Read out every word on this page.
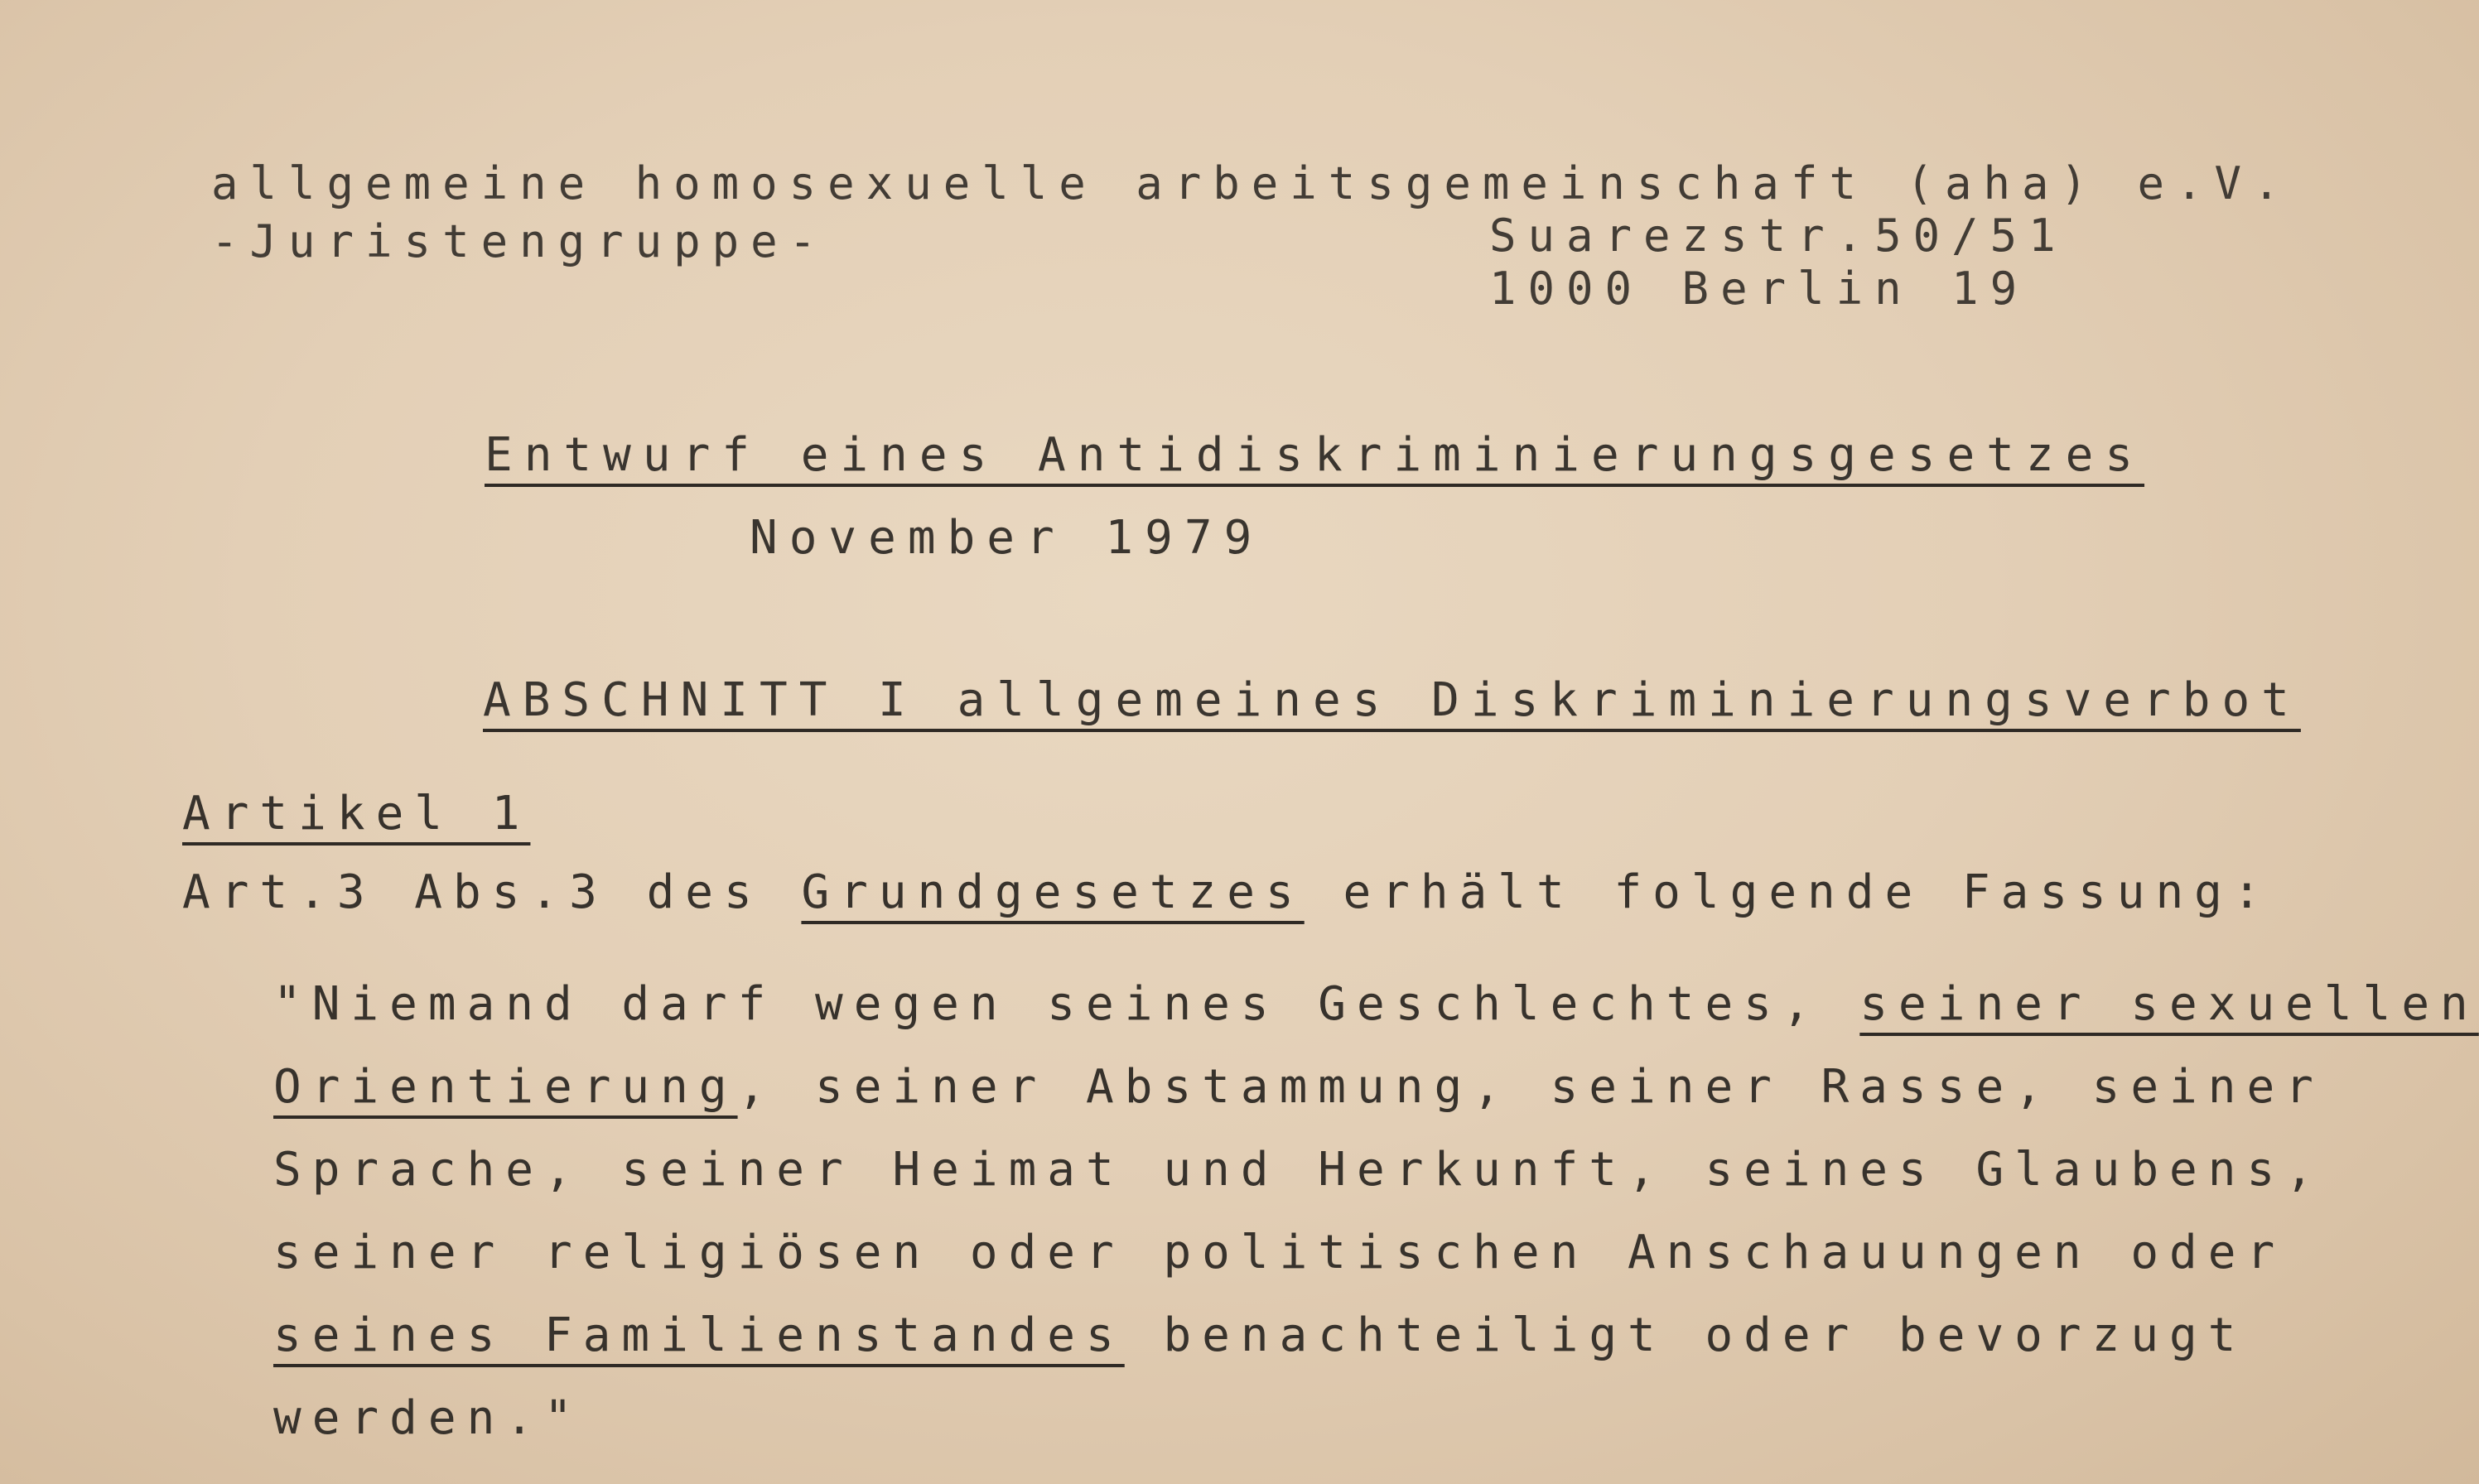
allgemeine homosexuelle arbeitsgemeinschaft (aha) e.V.
-Juristengruppe-	Suarezstr.50/51
1000 Berlin 19
Entwurf eines Antidiskriminierungsgesetzes
November 1979
ABSCHNITT I allgemeines Diskriminierungsverbot
Artikel 1
Art.3 Abs.3 des Grundgesetzes erhält folgende Fassung:
"Niemand darf wegen seines Geschlechtes, seiner sexuellen
Orientierung, seiner Abstammung, seiner Rasse, seiner
Sprache, seiner Heimat und Herkunft, seines Glaubens,
seiner religiösen oder politischen Anschauungen oder
seines Familienstandes benachteiligt oder bevorzugt
werden."
